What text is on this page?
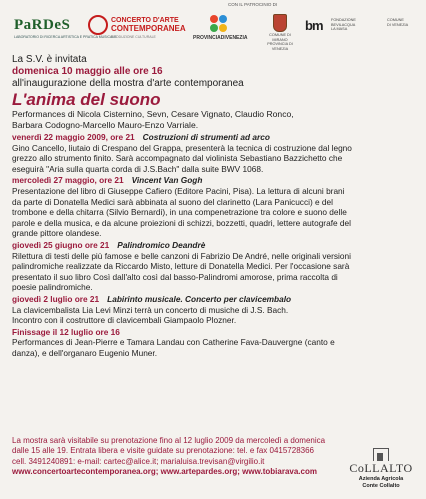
PaRDeS
LABORATORIO DI RICERCA ARTISTICA E PRATICA MUSICALE
CONCERTO D'ARTE
CONTEMPORANEA
PRODUZIONE CULTURALE
CON IL PATROCINIO DI
PROVINCIADIVENEZIA	COMUNE DI MIRANO PROVINCIA DI VENEZIA
bm FONDAZIONE
BEVILACQUA
LA MASA
COMUNE
DI VENEZIA
La S.V. è invitata
domenica 10 maggio alle ore 16
all'inaugurazione della mostra d'arte contemporanea
L'anima del suono
Performances di Nicola Cisternino, Sevn, Cesare Vignato, Claudio Ronco,
Barbara Codogno-Marcello Mauro-Enzo Varriale.
venerdì 22 maggio 2009, ore 21 Costruzioni di strumenti ad arco
Gino Cancello, liutaio di Crespano del Grappa, presenterà la tecnica di costruzione dal legno
grezzo allo strumento finito. Sarà accompagnato dal violinista Sebastiano Bazzichetto che
eseguirà "Aria sulla quarta corda di J.S.Bach" dalla suite BWV 1068.
mercoledì 27 maggio, ore 21 Vincent Van Gogh
Presentazione del libro di Giuseppe Cafiero (Editore Pacini, Pisa). La lettura di alcuni brani
da parte di Donatella Medici sarà abbinata al suono del clarinetto (Lara Panicucci) e del
trombone e della chitarra (Silvio Bernardi), in una compenetrazione tra colore e suono delle
parole e della musica, e da alcune proiezioni di schizzi, bozzetti, quadri, lettere autografe del
grande pittore olandese.
giovedì 25 giugno ore 21 Palindromico Deandrè
Rilettura di testi delle più famose e belle canzoni di Fabrizio De André, nelle originali versioni
palindromiche realizzate da Riccardo Misto, letture di Donatella Medici. Per l'occasione sarà
presentato il suo libro Così dall'alto così dal basso-Palindromi amorose, prima raccolta di
poesie palindromiche.
giovedì 2 luglio ore 21 Labirinto musicale. Concerto per clavicembalo
La clavicembalista Lia Levi Minzi terrà un concerto di musiche di J.S. Bach.
Incontro con il costruttore di clavicembali Giampaolo Plozner.
Finissage il 12 luglio ore 16
Performances di Jean-Pierre e Tamara Landau con Catherine Fava-Dauvergne (canto e
danza), e dell'organaro Eugenio Muner.
La mostra sarà visitabile su prenotazione fino al 12 luglio 2009 da mercoledì a domenica
dalle 15 alle 19. Entrata libera e visite guidate su prenotazione: tel. e fax 0415728366
cell. 3491240891: e-mail: cartec@alice.it; marialuisa.trevisan@virgilio.it
www.concertoartecontemporanea.org; www.artepardes.org; www.tobiarava.com	CoLLALTO
Azienda Agricola
Conte Collalto
